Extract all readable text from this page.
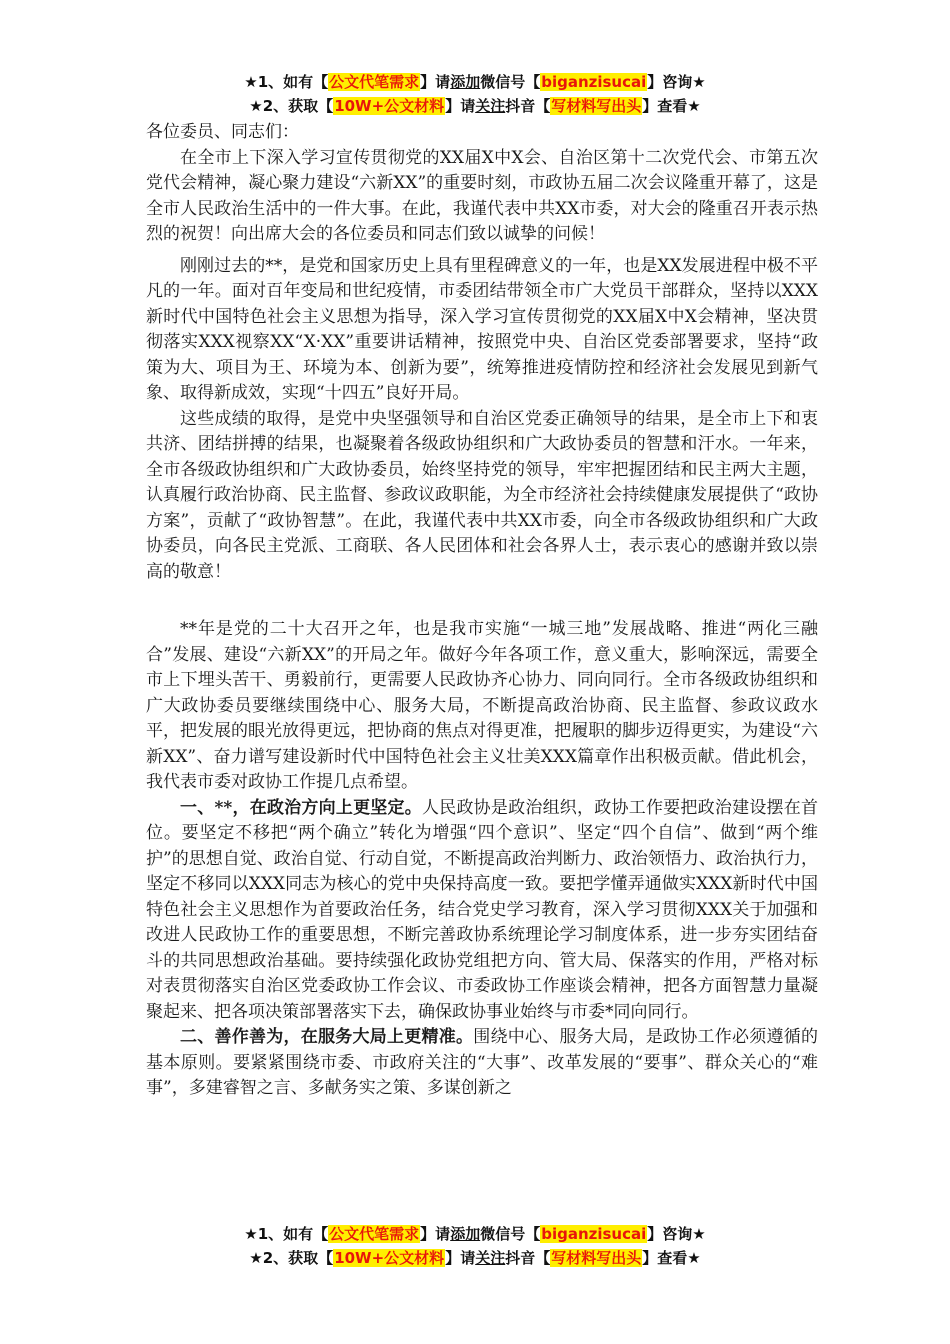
★1、如有【公文代笔需求】请添加微信号【biganzisucai】咨询★
★2、获取【10W+公文材料】请关注抖音【写材料写出头】查看★

各位委员、同志们：

在全市上下深入学习宣传贯彻党的XX届X中X会、自治区第十二次党代会、市第五次党代会精神，凝心聚力建设“六新XX”的重要时刻，市政协五届二次会议隆重开幕了，这是全市人民政治生活中的一件大事。在此，我谨代表中共XX市委，对大会的隆重召开表示热烈的祝贺！向出席大会的各位委员和同志们致以诚挚的问候！

刚刚过去的**，是党和国家历史上具有里程碑意义的一年，也是XX发展进程中极不平凡的一年。面对百年变局和世纪疫情，市委团结带领全市广大党员干部群众，坚持以XXX新时代中国特色社会主义思想为指导，深入学习宣传贯彻党的XX届X中X会精神，坚决贯彻落实XXX视察XX“X·XX”重要讲话精神，按照党中央、自治区党委部署要求，坚持“政策为大、项目为王、环境为本、创新为要”，统筹推进疫情防控和经济社会发展见到新气象、取得新成效，实现“十四五”良好开局。

这些成绩的取得，是党中央坚强领导和自治区党委正确领导的结果，是全市上下和衷共济、团结拼搏的结果，也凝聚着各级政协组织和广大政协委员的智慧和汗水。一年来，全市各级政协组织和广大政协委员，始终坚持党的领导，牢牢把握团结和民主两大主题，认真履行政治协商、民主监督、参政议政职能，为全市经济社会持续健康发展提供了“政协方案”，贡献了“政协智慧”。在此，我谨代表中共XX市委，向全市各级政协组织和广大政协委员，向各民主党派、工商联、各人民团体和社会各界人士，表示衷心的感谢并致以崇高的敬意！

**年是党的二十大召开之年，也是我市实施“一城三地”发展战略、推进“两化三融合”发展、建设“六新XX”的开局之年。做好今年各项工作，意义重大，影响深远，需要全市上下埋头苦干、勇毅前行，更需要人民政协齐心协力、同向同行。全市各级政协组织和广大政协委员要继续围绕中心、服务大局，不断提高政治协商、民主监督、参政议政水平，把发展的眼光放得更远，把协商的焦点对得更准，把履职的脚步迈得更实，为建设“六新XX”、奋力谱写建设新时代中国特色社会主义壮美XXX篇章作出积极贡献。借此机会，我代表市委对政协工作提几点希望。

一、**，在政治方向上更坚定。人民政协是政治组织，政协工作要把政治建设摆在首位。要坚定不移把“两个确立”转化为增强“四个意识”、坚定“四个自信”、做到“两个维护”的思想自觉、政治自觉、行动自觉，不断提高政治判断力、政治领悟力、政治执行力，坚定不移同以XXX同志为核心的党中央保持高度一致。要把学懂弄通做实XXX新时代中国特色社会主义思想作为首要政治任务，结合党史学习教育，深入学习贯彻XXX关于加强和改进人民政协工作的重要思想，不断完善政协系统理论学习制度体系，进一步夯实团结奋斗的共同思想政治基础。要持续强化政协党组把方向、管大局、保落实的作用，严格对标对表贯彻落实自治区党委政协工作会议、市委政协工作座谈会精神，把各方面智慧力量凝聚起来、把各项决策部署落实下去，确保政协事业始终与市委*同向同行。

二、善作善为，在服务大局上更精准。围绕中心、服务大局，是政协工作必须遵循的基本原则。要紧紧围绕市委、市政府关注的“大事”、改革发展的“要事”、群众关心的“难事”，多建睿智之言、多献务实之策、多谋创新之

★1、如有【公文代笔需求】请添加微信号【biganzisucai】咨询★
★2、获取【10W+公文材料】请关注抖音【写材料写出头】查看★
